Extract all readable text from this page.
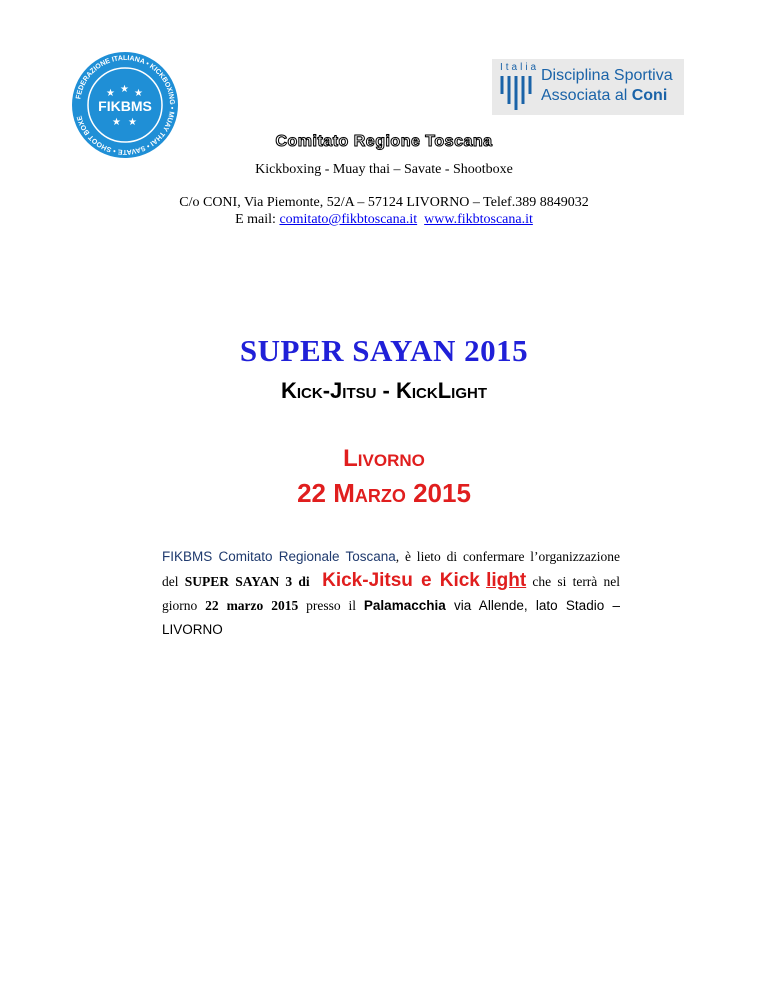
FEDERAZIONE ITALIANA • KICKBOXING • MUAY THAI • SAVATE • SHOOT BOXE
★ ★ ★
★ ★
FIKBMS
Italia Disciplina Sportiva
Associata al Coni
Comitato Regione Toscana
Kickboxing - Muay thai – Savate - Shootboxe
C/o CONI, Via Piemonte, 52/A – 57124 LIVORNO – Telef.389 8849032
E mail: comitato@fikbtoscana.it www.fikbtoscana.it
SUPER SAYAN 2015
Kick-Jitsu - KickLight
Livorno
22 Marzo 2015
FIKBMS Comitato Regionale Toscana, è lieto di confermare l’organizzazione del SUPER SAYAN 3 di Kick-Jitsu e Kick light che si terrà nel giorno 22 marzo 2015 presso il Palamacchia via Allende, lato Stadio – LIVORNO
